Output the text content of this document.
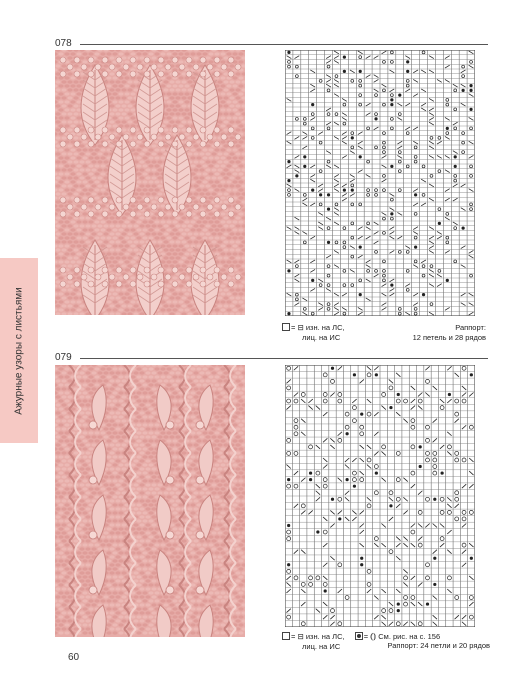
078
= ⊟ изн. на ЛС,
лиц. на ИС
Раппорт:
12 петель и 28 рядов
Ажурные узоры с листьями	079
= ⊟ изн. на ЛС,	= ⦅⦆ См. рис. на с. 156
лиц. на ИС	Раппорт: 24 петли и 20 рядов
60
